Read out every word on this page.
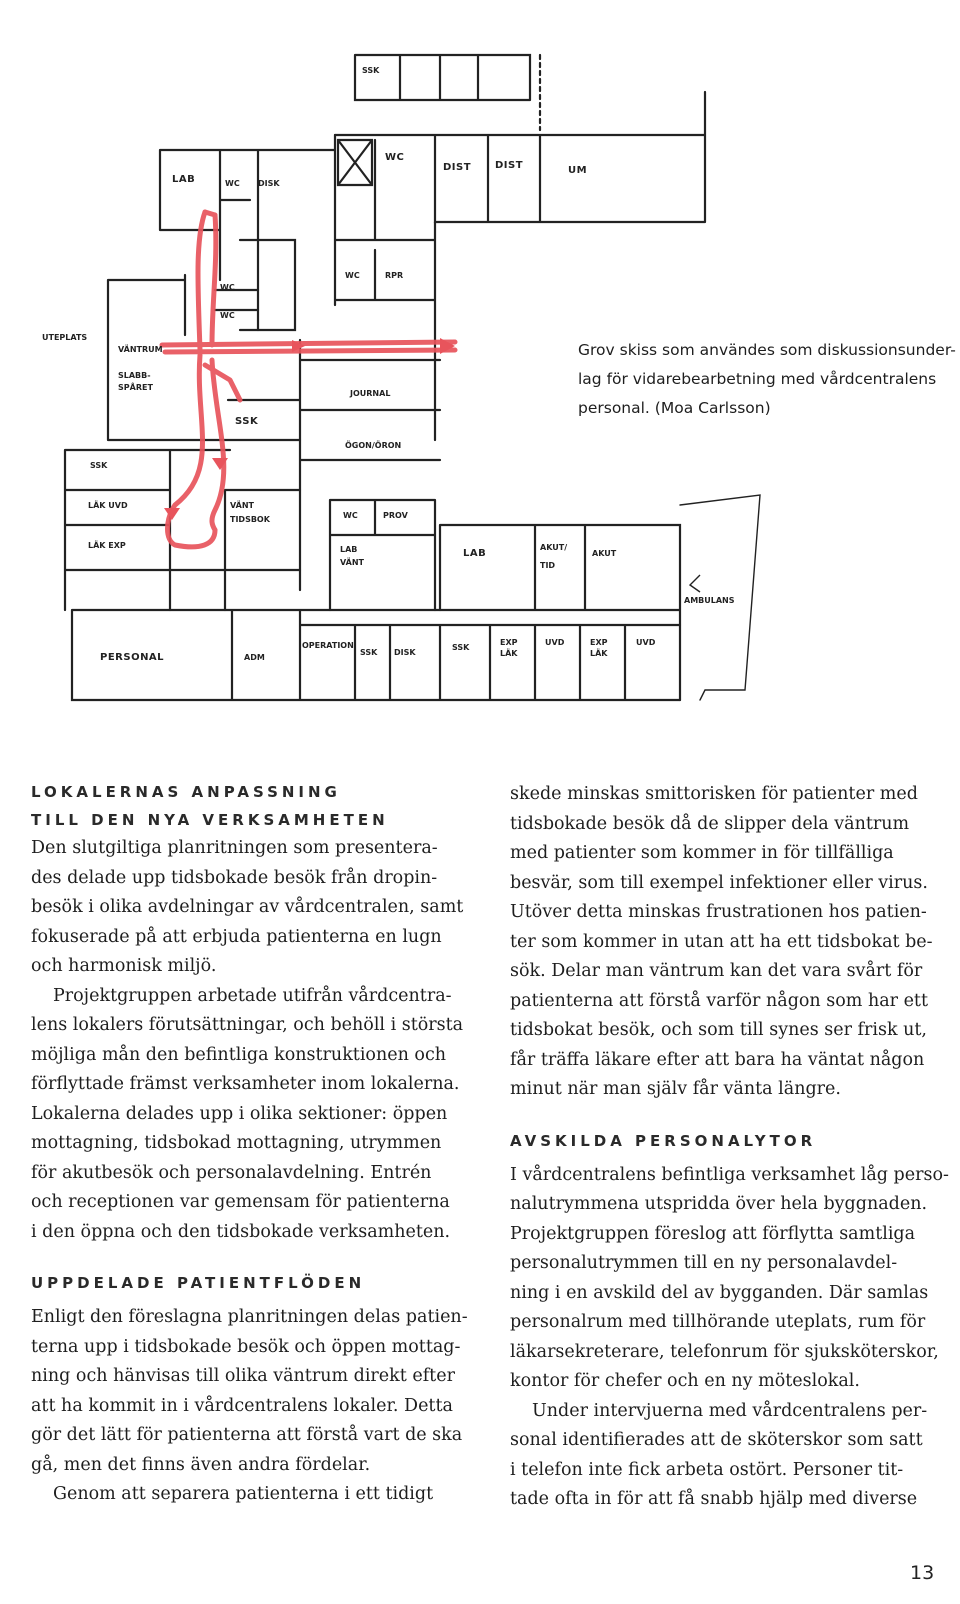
SSK
LAB	WC DISK
WC
DIST DIST	UM
WC
WC
WC	RPR
UTEPLATS
VÄNTRUM
SLABB-
SPÅRET
JOURNAL
SSK
ÖGON/ÖRON
SSK
LÄK UVD
LÄK EXP
VÄNT
TIDSBOK	WC	PROV
LAB
VÄNT
LAB
AKUT/
TID
AKUT
AMBULANS
PERSONAL	ADM
OPERATION
SSK DISK
SSK
EXP
LÄK
UVD	EXP
LÄK
UVD
Grov skiss som användes som diskussionsunder-
lag för vidarebearbetning med vårdcentralens
personal. (Moa Carlsson)
LOKALERNAS ANPASSNING
TILL DEN NYA VERKSAMHETEN
Den slutgiltiga planritningen som presentera-
des delade upp tidsbokade besök från dropin-
besök i olika avdelningar av vårdcentralen, samt
fokuserade på att erbjuda patienterna en lugn
och harmonisk miljö.
Projektgruppen arbetade utifrån vårdcentra-
lens lokalers förutsättningar, och behöll i största
möjliga mån den befintliga konstruktionen och
förflyttade främst verksamheter inom lokalerna.
Lokalerna delades upp i olika sektioner: öppen
mottagning, tidsbokad mottagning, utrymmen
för akutbesök och personalavdelning. Entrén
och receptionen var gemensam för patienterna
i den öppna och den tidsbokade verksamheten.
UPPDELADE PATIENTFLÖDEN
Enligt den föreslagna planritningen delas patien-
terna upp i tidsbokade besök och öppen mottag-
ning och hänvisas till olika väntrum direkt efter
att ha kommit in i vårdcentralens lokaler. Detta
gör det lätt för patienterna att förstå vart de ska
gå, men det finns även andra fördelar.
Genom att separera patienterna i ett tidigt
skede minskas smittorisken för patienter med
tidsbokade besök då de slipper dela väntrum
med patienter som kommer in för tillfälliga
besvär, som till exempel infektioner eller virus.
Utöver detta minskas frustrationen hos patien-
ter som kommer in utan att ha ett tidsbokat be-
sök. Delar man väntrum kan det vara svårt för
patienterna att förstå varför någon som har ett
tidsbokat besök, och som till synes ser frisk ut,
får träffa läkare efter att bara ha väntat någon
minut när man själv får vänta längre.
AVSKILDA PERSONALYTOR
I vårdcentralens befintliga verksamhet låg perso-
nalutrymmena utspridda över hela byggnaden.
Projektgruppen föreslog att förflytta samtliga
personalutrymmen till en ny personalavdel-
ning i en avskild del av bygganden. Där samlas
personalrum med tillhörande uteplats, rum för
läkarsekreterare, telefonrum för sjuksköterskor,
kontor för chefer och en ny möteslokal.
Under intervjuerna med vårdcentralens per-
sonal identifierades att de sköterskor som satt
i telefon inte fick arbeta ostört. Personer tit-
tade ofta in för att få snabb hjälp med diverse
13
